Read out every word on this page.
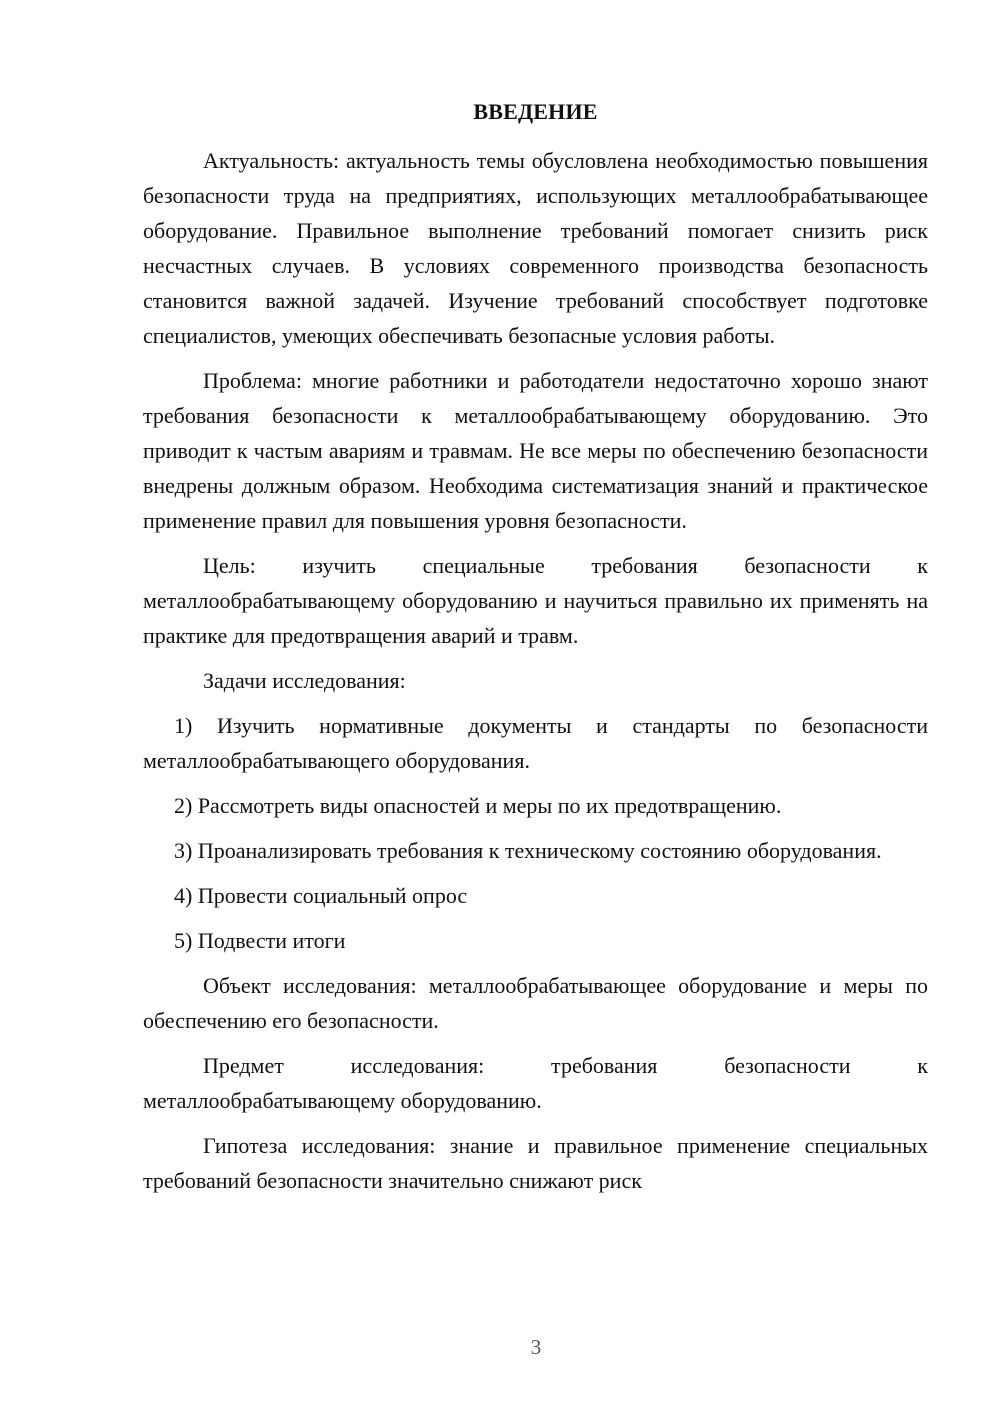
ВВЕДЕНИЕ

Актуальность: актуальность темы обусловлена необходимостью повышения безопасности труда на предприятиях, использующих металлообрабатывающее оборудование. Правильное выполнение требований помогает снизить риск несчастных случаев. В условиях современного производства безопасность становится важной задачей. Изучение требований способствует подготовке специалистов, умеющих обеспечивать безопасные условия работы.

Проблема: многие работники и работодатели недостаточно хорошо знают требования безопасности к металлообрабатывающему оборудованию. Это приводит к частым авариям и травмам. Не все меры по обеспечению безопасности внедрены должным образом. Необходима систематизация знаний и практическое применение правил для повышения уровня безопасности.

Цель: изучить специальные требования безопасности к металлообрабатывающему оборудованию и научиться правильно их применять на практике для предотвращения аварий и травм.

Задачи исследования:

1) Изучить нормативные документы и стандарты по безопасности металлообрабатывающего оборудования.

2) Рассмотреть виды опасностей и меры по их предотвращению.

3) Проанализировать требования к техническому состоянию оборудования.

4) Провести социальный опрос

5) Подвести итоги

Объект исследования: металлообрабатывающее оборудование и меры по обеспечению его безопасности.

Предмет исследования: требования безопасности к металлообрабатывающему оборудованию.

Гипотеза исследования: знание и правильное применение специальных требований безопасности значительно снижают риск

3
